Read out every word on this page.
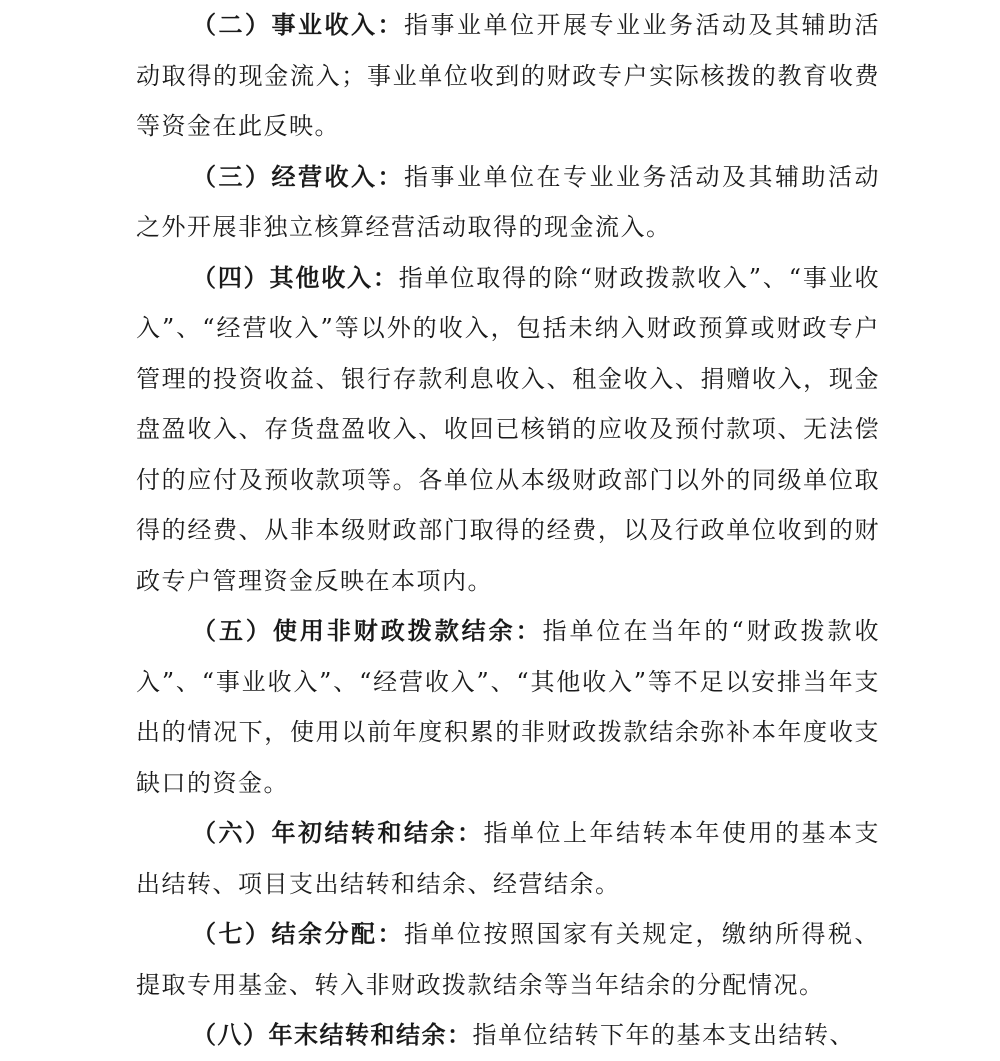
（二）事业收入：指事业单位开展专业业务活动及其辅助活动取得的现金流入；事业单位收到的财政专户实际核拨的教育收费等资金在此反映。

（三）经营收入：指事业单位在专业业务活动及其辅助活动之外开展非独立核算经营活动取得的现金流入。

（四）其他收入：指单位取得的除“财政拨款收入”、“事业收入”、“经营收入”等以外的收入，包括未纳入财政预算或财政专户管理的投资收益、银行存款利息收入、租金收入、捐赠收入，现金盘盈收入、存货盘盈收入、收回已核销的应收及预付款项、无法偿付的应付及预收款项等。各单位从本级财政部门以外的同级单位取得的经费、从非本级财政部门取得的经费，以及行政单位收到的财政专户管理资金反映在本项内。

（五）使用非财政拨款结余：指单位在当年的“财政拨款收入”、“事业收入”、“经营收入”、“其他收入”等不足以安排当年支出的情况下，使用以前年度积累的非财政拨款结余弥补本年度收支缺口的资金。

（六）年初结转和结余：指单位上年结转本年使用的基本支出结转、项目支出结转和结余、经营结余。

（七）结余分配：指单位按照国家有关规定，缴纳所得税、提取专用基金、转入非财政拨款结余等当年结余的分配情况。

（八）年末结转和结余：指单位结转下年的基本支出结转、
